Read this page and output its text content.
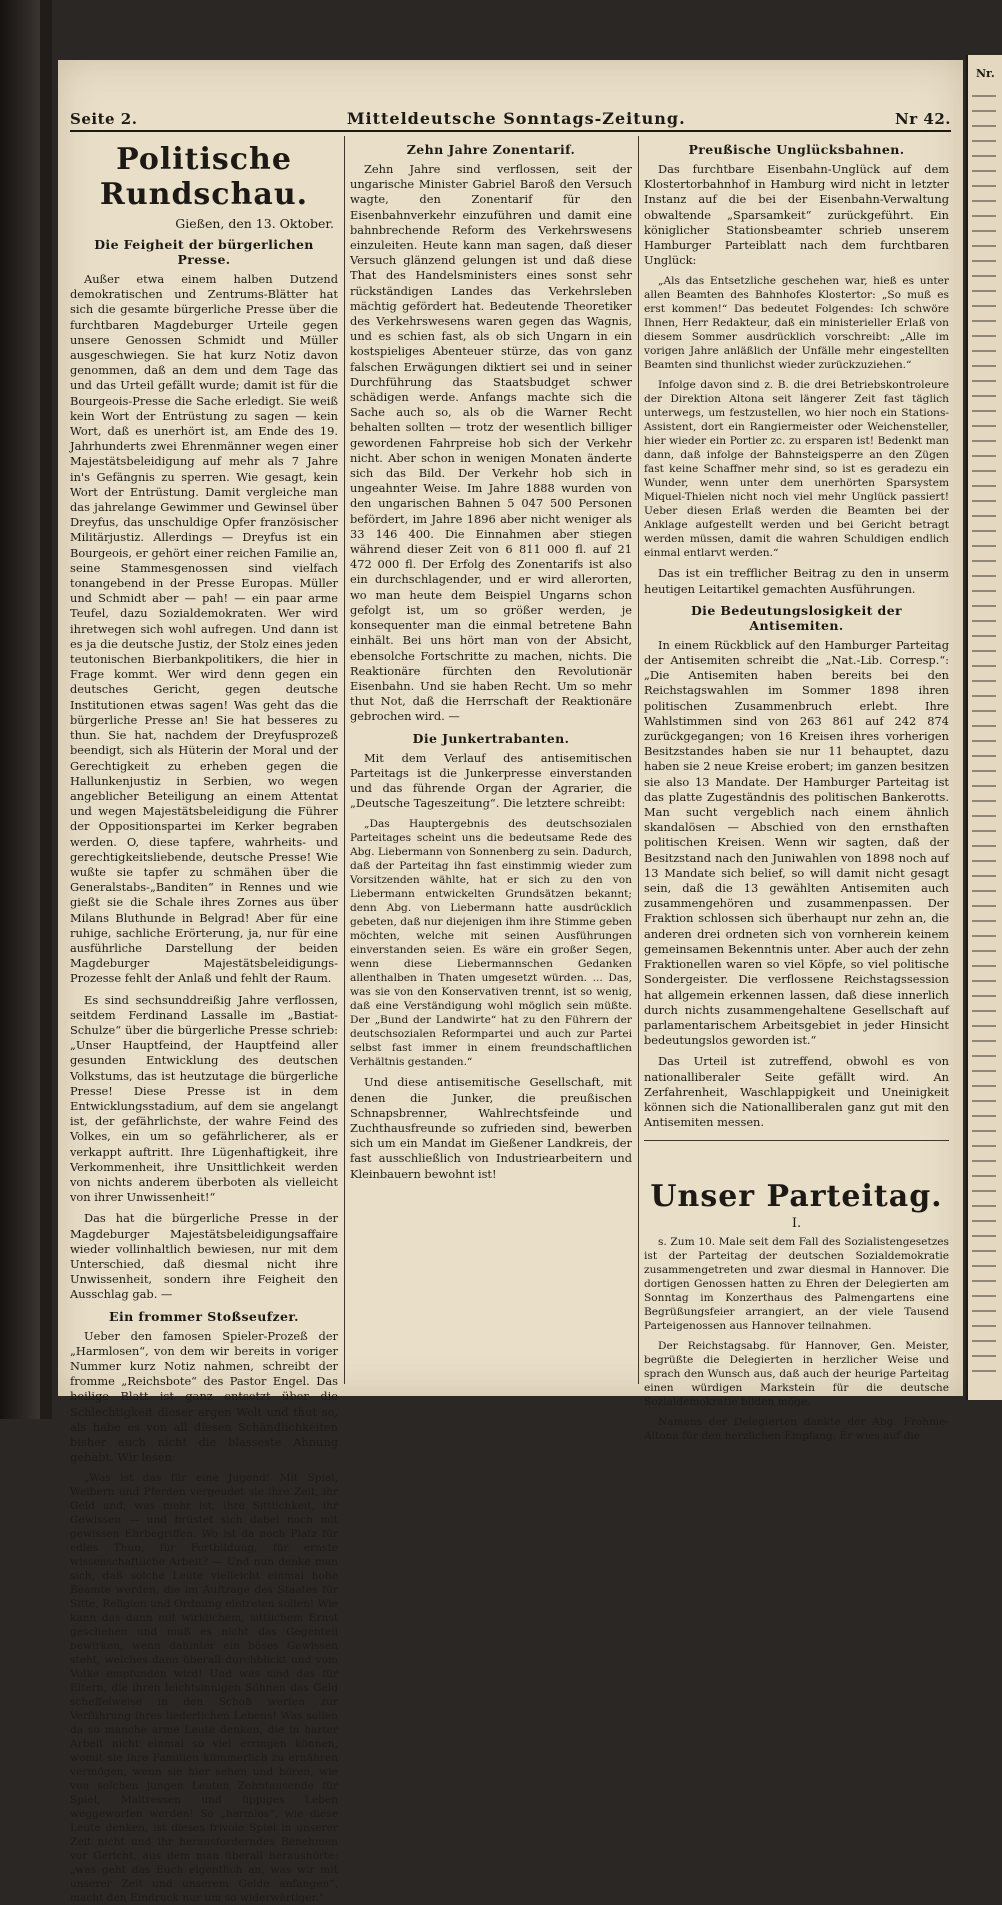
Seite 2.	Mitteldeutsche Sonntags-Zeitung.	Nr 42.
Politische Rundschau.
Gießen, den 13. Oktober.
Die Feigheit der bürgerlichen Presse.

Außer etwa einem halben Dutzend demokratischen und Zentrums-Blätter hat sich die gesamte bürgerliche Presse über die furchtbaren Magdeburger Urteile gegen unsere Genossen Schmidt und Müller ausgeschwiegen. Sie hat kurz Notiz davon genommen, daß an dem und dem Tage das und das Urteil gefällt wurde; damit ist für die Bourgeois-Presse die Sache erledigt. Sie weiß kein Wort der Entrüstung zu sagen — kein Wort, daß es unerhört ist, am Ende des 19. Jahrhunderts zwei Ehrenmänner wegen einer Majestätsbeleidigung auf mehr als 7 Jahre in's Gefängnis zu sperren. Wie gesagt, kein Wort der Entrüstung. Damit vergleiche man das jahrelange Gewimmer und Gewinsel über Dreyfus, das unschuldige Opfer französischer Militärjustiz. Allerdings — Dreyfus ist ein Bourgeois, er gehört einer reichen Familie an, seine Stammesgenossen sind vielfach tonangebend in der Presse Europas. Müller und Schmidt aber — pah! — ein paar arme Teufel, dazu Sozialdemokraten. Wer wird ihretwegen sich wohl aufregen. Und dann ist es ja die deutsche Justiz, der Stolz eines jeden teutonischen Bierbankpolitikers, die hier in Frage kommt. Wer wird denn gegen ein deutsches Gericht, gegen deutsche Institutionen etwas sagen! Was geht das die bürgerliche Presse an! Sie hat besseres zu thun. Sie hat, nachdem der Dreyfusprozeß beendigt, sich als Hüterin der Moral und der Gerechtigkeit zu erheben gegen die Hallunkenjustiz in Serbien, wo wegen angeblicher Beteiligung an einem Attentat und wegen Majestätsbeleidigung die Führer der Oppositionspartei im Kerker begraben werden. O, diese tapfere, wahrheits- und gerechtigkeitsliebende, deutsche Presse! Wie wußte sie tapfer zu schmähen über die Generalstabs-„Banditen“ in Rennes und wie gießt sie die Schale ihres Zornes aus über Milans Bluthunde in Belgrad! Aber für eine ruhige, sachliche Erörterung, ja, nur für eine ausführliche Darstellung der beiden Magdeburger Majestätsbeleidigungs-Prozesse fehlt der Anlaß und fehlt der Raum.

Es sind sechsunddreißig Jahre verflossen, seitdem Ferdinand Lassalle im „Bastiat-Schulze“ über die bürgerliche Presse schrieb: „Unser Hauptfeind, der Hauptfeind aller gesunden Entwicklung des deutschen Volkstums, das ist heutzutage die bürgerliche Presse! Diese Presse ist in dem Entwicklungsstadium, auf dem sie angelangt ist, der gefährlichste, der wahre Feind des Volkes, ein um so gefährlicherer, als er verkappt auftritt. Ihre Lügenhaftigkeit, ihre Verkommenheit, ihre Unsittlichkeit werden von nichts anderem überboten als vielleicht von ihrer Unwissenheit!“

Das hat die bürgerliche Presse in der Magdeburger Majestätsbeleidigungsaffaire wieder vollinhaltlich bewiesen, nur mit dem Unterschied, daß diesmal nicht ihre Unwissenheit, sondern ihre Feigheit den Ausschlag gab. —

Ein frommer Stoßseufzer.

Ueber den famosen Spieler-Prozeß der „Harmlosen“, von dem wir bereits in voriger Nummer kurz Notiz nahmen, schreibt der fromme „Reichsbote“ des Pastor Engel. Das heilige Blatt ist ganz entsetzt über die Schlechtigkeit dieser argen Welt und thut so, als habe es von all diesen Schändlichkeiten bisher auch nicht die blasseste Ahnung gehabt. Wir lesen:

„Was ist das für eine Jugend! Mit Spiel, Weibern und Pferden vergeudet sie ihre Zeit, ihr Geld und, was mehr ist, ihre Sittlichkeit, ihr Gewissen — und brüstet sich dabei noch mit gewissen Ehrbegriffen. Wo ist da noch Platz für edles Thun, für Fortbildung, für ernste wissenschaftliche Arbeit? — Und nun denke man sich, daß solche Leute vielleicht einmal hohe Beamte werden, die im Auftrage des Staates für Sitte, Religion und Ordnung eintreten sollen! Wie kann das dann mit wirklichem, sittlichem Ernst geschehen und muß es nicht das Gegenteil bewirken, wenn dahinter ein böses Gewissen steht, welches dann überall durchblickt und vom Volke empfunden wird! Und was sind das für Eltern, die ihren leichtsinnigen Söhnen das Geld scheffelweise in den Schoß werfen zur Verführung ihres liederlichen Lebens! Was sollen da so manche arme Leute denken, die in harter Arbeit nicht einmal so viel erringen können, womit sie ihre Familien kümmerlich zu ernähren vermögen, wenn sie hier sehen und hören, wie von solchen jungen Leuten Zehntausende für Spiel, Maitressen und üppiges Leben weggeworfen werden! So „harmlos“, wie diese Leute denken, ist dieses frivole Spiel in unserer Zeit nicht und ihr herausforderndes Benehmen vor Gericht, aus dem man überall heraushörte: „was geht das Euch eigentlich an, was wir mit unserer Zeit und unserem Gelde anfangen“, macht den Eindruck nur um so widerwärtiger.“

Zehn Jahre Zonentarif.

Zehn Jahre sind verflossen, seit der ungarische Minister Gabriel Baroß den Versuch wagte, den Zonentarif für den Eisenbahnverkehr einzuführen und damit eine bahnbrechende Reform des Verkehrswesens einzuleiten. Heute kann man sagen, daß dieser Versuch glänzend gelungen ist und daß diese That des Handelsministers eines sonst sehr rückständigen Landes das Verkehrsleben mächtig gefördert hat. Bedeutende Theoretiker des Verkehrswesens waren gegen das Wagnis, und es schien fast, als ob sich Ungarn in ein kostspieliges Abenteuer stürze, das von ganz falschen Erwägungen diktiert sei und in seiner Durchführung das Staatsbudget schwer schädigen werde. Anfangs machte sich die Sache auch so, als ob die Warner Recht behalten sollten — trotz der wesentlich billiger gewordenen Fahrpreise hob sich der Verkehr nicht. Aber schon in wenigen Monaten änderte sich das Bild. Der Verkehr hob sich in ungeahnter Weise. Im Jahre 1888 wurden von den ungarischen Bahnen 5 047 500 Personen befördert, im Jahre 1896 aber nicht weniger als 33 146 400. Die Einnahmen aber stiegen während dieser Zeit von 6 811 000 fl. auf 21 472 000 fl. Der Erfolg des Zonentarifs ist also ein durchschlagender, und er wird allerorten, wo man heute dem Beispiel Ungarns schon gefolgt ist, um so größer werden, je konsequenter man die einmal betretene Bahn einhält. Bei uns hört man von der Absicht, ebensolche Fortschritte zu machen, nichts. Die Reaktionäre fürchten den Revolutionär Eisenbahn. Und sie haben Recht. Um so mehr thut Not, daß die Herrschaft der Reaktionäre gebrochen wird. —

Die Junkertrabanten.

Mit dem Verlauf des antisemitischen Parteitags ist die Junkerpresse einverstanden und das führende Organ der Agrarier, die „Deutsche Tageszeitung“. Die letztere schreibt:

„Das Hauptergebnis des deutschsozialen Parteitages scheint uns die bedeutsame Rede des Abg. Liebermann von Sonnenberg zu sein. Dadurch, daß der Parteitag ihn fast einstimmig wieder zum Vorsitzenden wählte, hat er sich zu den von Liebermann entwickelten Grundsätzen bekannt; denn Abg. von Liebermann hatte ausdrücklich gebeten, daß nur diejenigen ihm ihre Stimme geben möchten, welche mit seinen Ausführungen einverstanden seien. Es wäre ein großer Segen, wenn diese Liebermannschen Gedanken allenthalben in Thaten umgesetzt würden. ... Das, was sie von den Konservativen trennt, ist so wenig, daß eine Verständigung wohl möglich sein müßte. Der „Bund der Landwirte“ hat zu den Führern der deutschsozialen Reformpartei und auch zur Partei selbst fast immer in einem freundschaftlichen Verhältnis gestanden.“

Und diese antisemitische Gesellschaft, mit denen die Junker, die preußischen Schnapsbrenner, Wahlrechtsfeinde und Zuchthausfreunde so zufrieden sind, bewerben sich um ein Mandat im Gießener Landkreis, der fast ausschließlich von Industriearbeitern und Kleinbauern bewohnt ist!

Preußische Unglücksbahnen.

Das furchtbare Eisenbahn-Unglück auf dem Klostertorbahnhof in Hamburg wird nicht in letzter Instanz auf die bei der Eisenbahn-Verwaltung obwaltende „Sparsamkeit“ zurückgeführt. Ein königlicher Stationsbeamter schrieb unserem Hamburger Parteiblatt nach dem furchtbaren Unglück:

„Als das Entsetzliche geschehen war, hieß es unter allen Beamten des Bahnhofes Klostertor: „So muß es erst kommen!“ Das bedeutet Folgendes: Ich schwöre Ihnen, Herr Redakteur, daß ein ministerieller Erlaß von diesem Sommer ausdrücklich vorschreibt: „Alle im vorigen Jahre anläßlich der Unfälle mehr eingestellten Beamten sind thunlichst wieder zurückzuziehen.“

Infolge davon sind z. B. die drei Betriebskontroleure der Direktion Altona seit längerer Zeit fast täglich unterwegs, um festzustellen, wo hier noch ein Stations-Assistent, dort ein Rangiermeister oder Weichensteller, hier wieder ein Portier zc. zu ersparen ist! Bedenkt man dann, daß infolge der Bahnsteigsperre an den Zügen fast keine Schaffner mehr sind, so ist es geradezu ein Wunder, wenn unter dem unerhörten Sparsystem Miquel-Thielen nicht noch viel mehr Unglück passiert! Ueber diesen Erlaß werden die Beamten bei der Anklage aufgestellt werden und bei Gericht betragt werden müssen, damit die wahren Schuldigen endlich einmal entlarvt werden.“

Das ist ein trefflicher Beitrag zu den in unserm heutigen Leitartikel gemachten Ausführungen.

Die Bedeutungslosigkeit der Antisemiten.

In einem Rückblick auf den Hamburger Parteitag der Antisemiten schreibt die „Nat.-Lib. Corresp.“: „Die Antisemiten haben bereits bei den Reichstagswahlen im Sommer 1898 ihren politischen Zusammenbruch erlebt. Ihre Wahlstimmen sind von 263 861 auf 242 874 zurückgegangen; von 16 Kreisen ihres vorherigen Besitzstandes haben sie nur 11 behauptet, dazu haben sie 2 neue Kreise erobert; im ganzen besitzen sie also 13 Mandate. Der Hamburger Parteitag ist das platte Zugeständnis des politischen Bankerotts. Man sucht vergeblich nach einem ähnlich skandalösen — Abschied von den ernsthaften politischen Kreisen. Wenn wir sagten, daß der Besitzstand nach den Juniwahlen von 1898 noch auf 13 Mandate sich belief, so will damit nicht gesagt sein, daß die 13 gewählten Antisemiten auch zusammengehören und zusammenpassen. Der Fraktion schlossen sich überhaupt nur zehn an, die anderen drei ordneten sich von vornherein keinem gemeinsamen Bekenntnis unter. Aber auch der zehn Fraktionellen waren so viel Köpfe, so viel politische Sondergeister. Die verflossene Reichstagssession hat allgemein erkennen lassen, daß diese innerlich durch nichts zusammengehaltene Gesellschaft auf parlamentarischem Arbeitsgebiet in jeder Hinsicht bedeutungslos geworden ist.“

Das Urteil ist zutreffend, obwohl es von nationalliberaler Seite gefällt wird. An Zerfahrenheit, Waschlappigkeit und Uneinigkeit können sich die Nationalliberalen ganz gut mit den Antisemiten messen.

Unser Parteitag.
I.

s. Zum 10. Male seit dem Fall des Sozialistengesetzes ist der Parteitag der deutschen Sozialdemokratie zusammengetreten und zwar diesmal in Hannover. Die dortigen Genossen hatten zu Ehren der Delegierten am Sonntag im Konzerthaus des Palmengartens eine Begrüßungsfeier arrangiert, an der viele Tausend Parteigenossen aus Hannover teilnahmen.

Der Reichstagsabg. für Hannover, Gen. Meister, begrüßte die Delegierten in herzlicher Weise und sprach den Wunsch aus, daß auch der heurige Parteitag einen würdigen Markstein für die deutsche Sozialdemokratie bilden möge.

Namens der Delegierten dankte der Abg. Frohme-Altona für den herzlichen Empfang. Er wies auf die

Nr.
